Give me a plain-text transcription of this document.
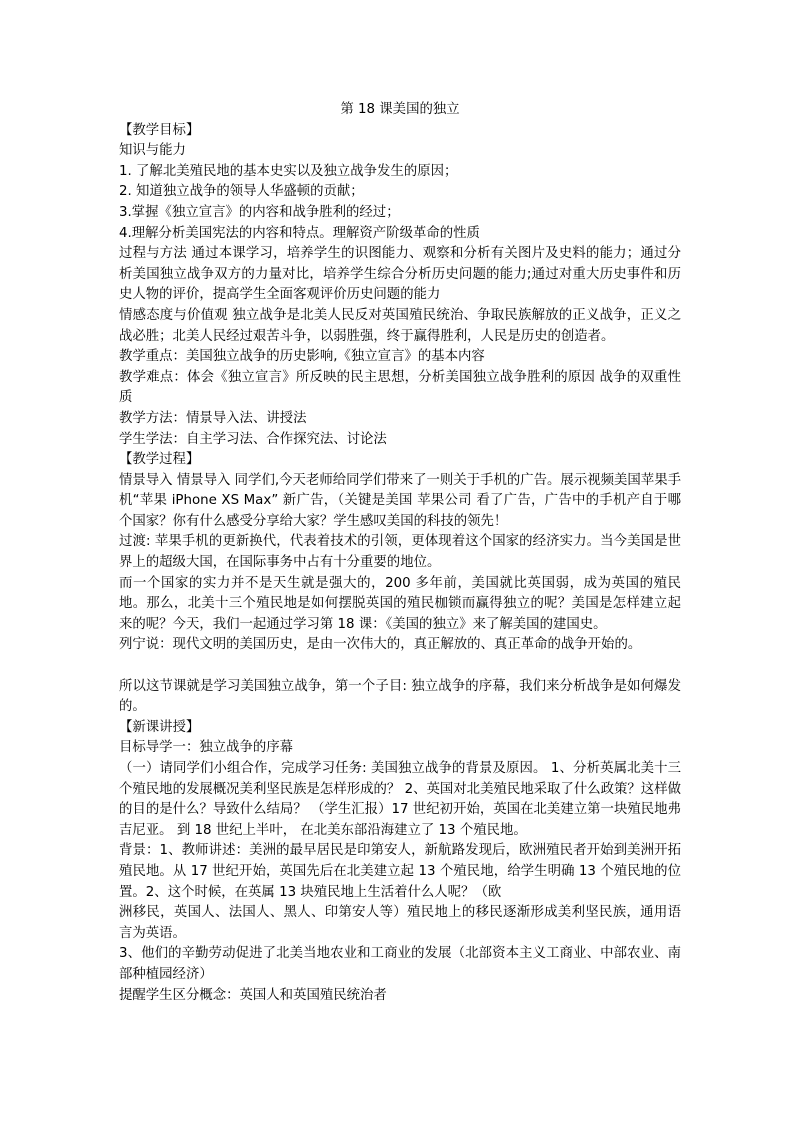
第 18 课美国的独立

【教学目标】

知识与能力

1. 了解北美殖民地的基本史实以及独立战争发生的原因；

2. 知道独立战争的领导人华盛顿的贡献；

3.掌握《独立宣言》的内容和战争胜利的经过；

4.理解分析美国宪法的内容和特点。理解资产阶级革命的性质

过程与方法 通过本课学习，培养学生的识图能力、观察和分析有关图片及史料的能力；通过分析美国独立战争双方的力量对比，培养学生综合分析历史问题的能力;通过对重大历史事件和历史人物的评价，提高学生全面客观评价历史问题的能力

情感态度与价值观 独立战争是北美人民反对英国殖民统治、争取民族解放的正义战争，正义之战必胜；北美人民经过艰苦斗争，以弱胜强，终于赢得胜利，人民是历史的创造者。

教学重点：美国独立战争的历史影响,《独立宣言》的基本内容

教学难点：体会《独立宣言》所反映的民主思想，分析美国独立战争胜利的原因 战争的双重性质

教学方法：情景导入法、讲授法

学生学法：自主学习法、合作探究法、讨论法

【教学过程】

情景导入 情景导入 同学们,今天老师给同学们带来了一则关于手机的广告。展示视频美国苹果手机“苹果 iPhone XS Max” 新广告，（关键是美国 苹果公司 看了广告，广告中的手机产自于哪个国家？你有什么感受分享给大家？学生感叹美国的科技的领先！

过渡: 苹果手机的更新换代，代表着技术的引领，更体现着这个国家的经济实力。当今美国是世界上的超级大国，在国际事务中占有十分重要的地位。

而一个国家的实力并不是天生就是强大的，200 多年前，美国就比英国弱，成为英国的殖民地。那么，北美十三个殖民地是如何摆脱英国的殖民枷锁而赢得独立的呢？美国是怎样建立起来的呢？今天，我们一起通过学习第 18 课：《美国的独立》来了解美国的建国史。

列宁说：现代文明的美国历史，是由一次伟大的，真正解放的、真正革命的战争开始的。

所以这节课就是学习美国独立战争，第一个子目: 独立战争的序幕，我们来分析战争是如何爆发的。

【新课讲授】

目标导学一：独立战争的序幕

（一）请同学们小组合作，完成学习任务: 美国独立战争的背景及原因。 1、分析英属北美十三个殖民地的发展概况美利坚民族是怎样形成的？ 2、英国对北美殖民地采取了什么政策？这样做的目的是什么？导致什么结局？ （学生汇报）17 世纪初开始，英国在北美建立第一块殖民地弗吉尼亚。 到 18 世纪上半叶， 在北美东部沿海建立了 13 个殖民地。

背景：1、教师讲述：美洲的最早居民是印第安人，新航路发现后，欧洲殖民者开始到美洲开拓殖民地。从 17 世纪开始，英国先后在北美建立起 13 个殖民地，给学生明确 13 个殖民地的位置。2、这个时候，在英属 13 块殖民地上生活着什么人呢？（欧

洲移民，英国人、法国人、黑人、印第安人等）殖民地上的移民逐渐形成美利坚民族，通用语言为英语。

3、他们的辛勤劳动促进了北美当地农业和工商业的发展（北部资本主义工商业、中部农业、南部种植园经济）

提醒学生区分概念：英国人和英国殖民统治者
